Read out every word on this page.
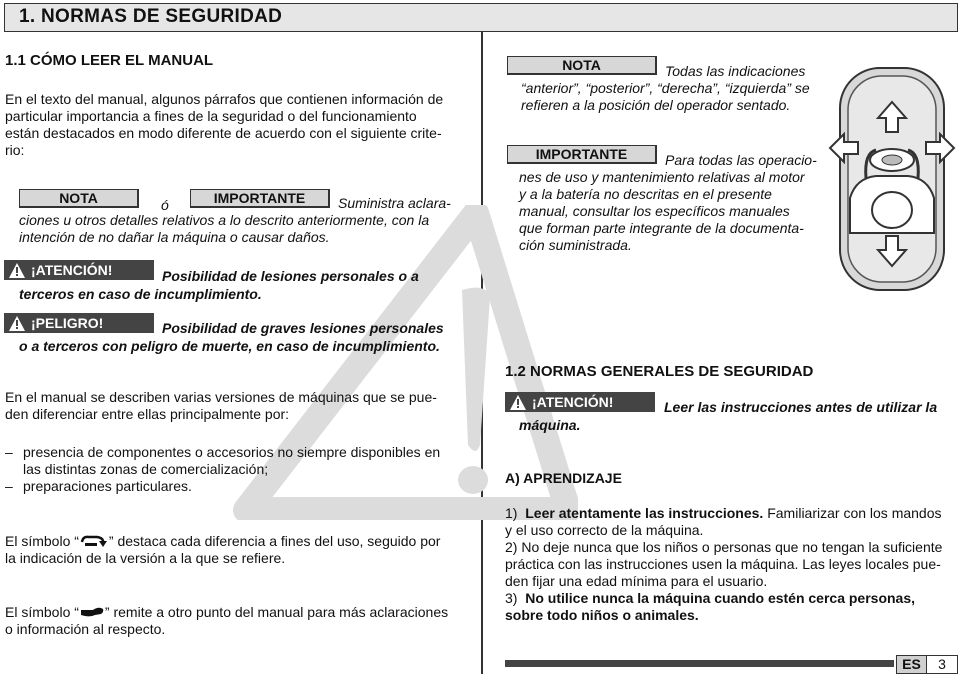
1. NORMAS DE SEGURIDAD
1.1 CÓMO LEER EL MANUAL
En el texto del manual, algunos párrafos que contienen información de
particular importancia a fines de la seguridad o del funcionamiento
están destacados en modo diferente de acuerdo con el siguiente crite-
rio:
NOTA	ó	IMPORTANTE	Suministra aclara-
ciones u otros detalles relativos a lo descrito anteriormente, con la
intención de no dañar la máquina o causar daños.
¡ATENCIÓN!	Posibilidad de lesiones personales o a
terceros en caso de incumplimiento.
¡PELIGRO!	Posibilidad de graves lesiones personales
o a terceros con peligro de muerte, en caso de incumplimiento.
En el manual se describen varias versiones de máquinas que se pue-
den diferenciar entre ellas principalmente por:
– presencia de componentes o accesorios no siempre disponibles en
las distintas zonas de comercialización;
– preparaciones particulares.
El símbolo “ ” destaca cada diferencia a fines del uso, seguido por
la indicación de la versión a la que se refiere.
El símbolo “ ” remite a otro punto del manual para más aclaraciones
o información al respecto.
NOTA	Todas las indicaciones
“anterior”, “posterior”, “derecha”, “izquierda” se
refieren a la posición del operador sentado.
IMPORTANTE	Para todas las operacio-
nes de uso y mantenimiento relativas al motor
y a la batería no descritas en el presente
manual, consultar los específicos manuales
que forman parte integrante de la documenta-
ción suministrada.
1.2 NORMAS GENERALES DE SEGURIDAD
¡ATENCIÓN!	Leer las instrucciones antes de utilizar la
máquina.
A) APRENDIZAJE
1) Leer atentamente las instrucciones. Familiarizar con los mandos
y el uso correcto de la máquina.
2) No deje nunca que los niños o personas que no tengan la suficiente
práctica con las instrucciones usen la máquina. Las leyes locales pue-
den fijar una edad mínima para el usuario.
3) No utilice nunca la máquina cuando estén cerca personas,
sobre todo niños o animales.
ES	3
